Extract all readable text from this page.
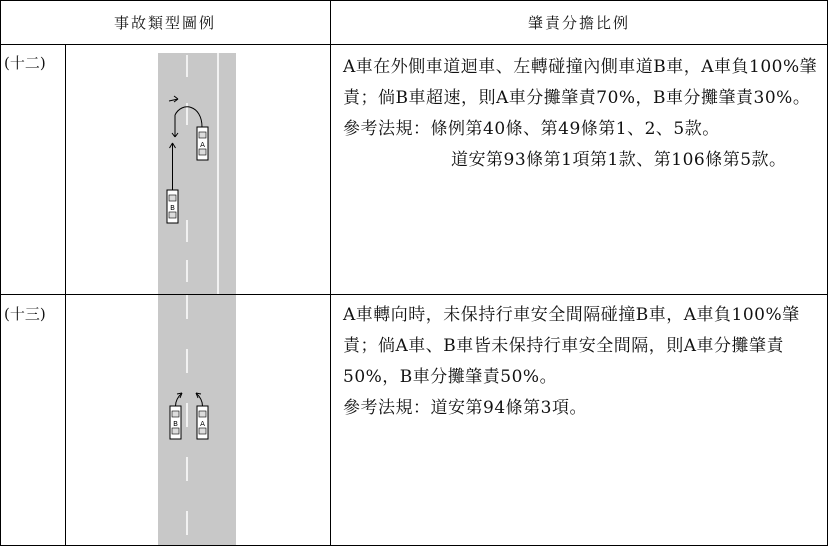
事故類型圖例	肇責分擔比例
(十二)
A
B

A車在外側車道迴車、左轉碰撞內側車道B車，A車負100%肇責；倘B車超速，則A車分攤肇責70%，B車分攤肇責30%。

參考法規：條例第40條、第49條第1、2、5款。

道安第93條第1項第1款、第106條第5款。

(十三)
B	A

A車轉向時，未保持行車安全間隔碰撞B車，A車負100%肇責；倘A車、B車皆未保持行車安全間隔，則A車分攤肇責50%，B車分攤肇責50%。

參考法規：道安第94條第3項。
